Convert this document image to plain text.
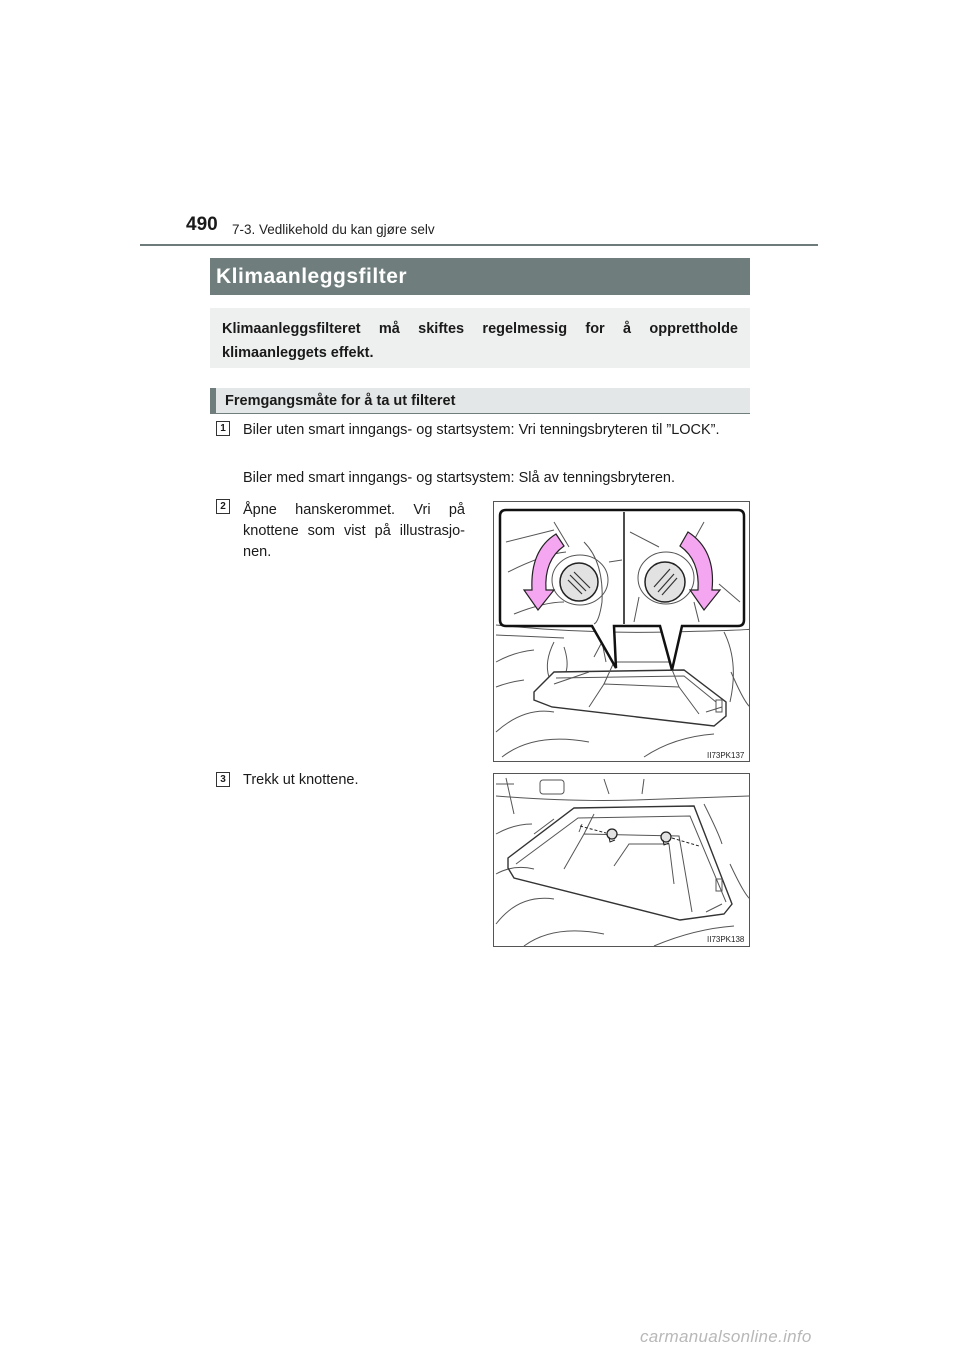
490 7-3. Vedlikehold du kan gjøre selv
Klimaanleggsfilter
Klimaanleggsfilteret må skiftes regelmessig for å opprettholde klimaanleggets effekt.
Fremgangsmåte for å ta ut filteret
1 Biler uten smart inngangs- og startsystem: Vri tenningsbryteren til ”LOCK”.
Biler med smart inngangs- og startsystem: Slå av tenningsbryteren.
2 Åpne hanskerommet. Vri på knottene som vist på illustrasjo-nen.
II73PK137
3 Trekk ut knottene.
II73PK138
carmanualsonline.info
